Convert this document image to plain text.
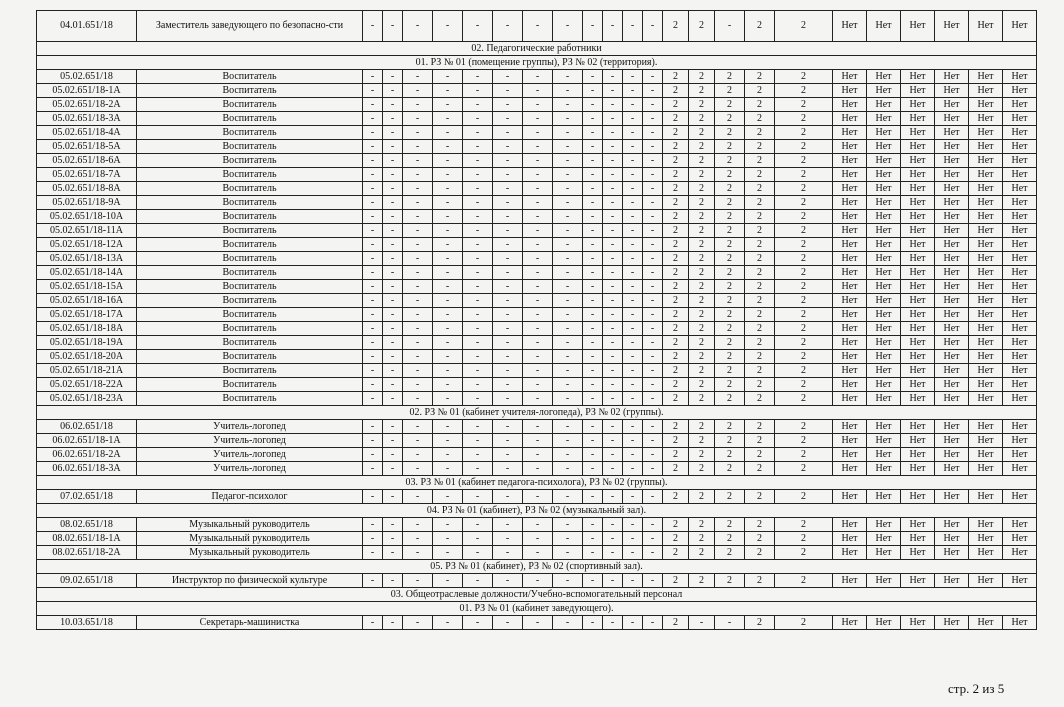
04.01.651/18	Заместитель заведующего по безопасно-сти	-	-	-	-	-	-	-	-	-	-	-	-	2	2	-	2	2	Нет	Нет	Нет	Нет	Нет	Нет
02. Педагогические работники																								
01. РЗ № 01 (помещение группы), РЗ № 02 (территория).																								
05.02.651/18	Воспитатель	-	-	-	-	-	-	-	-	-	-	-	-	2	2	2	2	2	Нет	Нет	Нет	Нет	Нет	Нет
05.02.651/18-1А	Воспитатель	-	-	-	-	-	-	-	-	-	-	-	-	2	2	2	2	2	Нет	Нет	Нет	Нет	Нет	Нет
05.02.651/18-2А	Воспитатель	-	-	-	-	-	-	-	-	-	-	-	-	2	2	2	2	2	Нет	Нет	Нет	Нет	Нет	Нет
05.02.651/18-3А	Воспитатель	-	-	-	-	-	-	-	-	-	-	-	-	2	2	2	2	2	Нет	Нет	Нет	Нет	Нет	Нет
05.02.651/18-4А	Воспитатель	-	-	-	-	-	-	-	-	-	-	-	-	2	2	2	2	2	Нет	Нет	Нет	Нет	Нет	Нет
05.02.651/18-5А	Воспитатель	-	-	-	-	-	-	-	-	-	-	-	-	2	2	2	2	2	Нет	Нет	Нет	Нет	Нет	Нет
05.02.651/18-6А	Воспитатель	-	-	-	-	-	-	-	-	-	-	-	-	2	2	2	2	2	Нет	Нет	Нет	Нет	Нет	Нет
05.02.651/18-7А	Воспитатель	-	-	-	-	-	-	-	-	-	-	-	-	2	2	2	2	2	Нет	Нет	Нет	Нет	Нет	Нет
05.02.651/18-8А	Воспитатель	-	-	-	-	-	-	-	-	-	-	-	-	2	2	2	2	2	Нет	Нет	Нет	Нет	Нет	Нет
05.02.651/18-9А	Воспитатель	-	-	-	-	-	-	-	-	-	-	-	-	2	2	2	2	2	Нет	Нет	Нет	Нет	Нет	Нет
05.02.651/18-10А	Воспитатель	-	-	-	-	-	-	-	-	-	-	-	-	2	2	2	2	2	Нет	Нет	Нет	Нет	Нет	Нет
05.02.651/18-11А	Воспитатель	-	-	-	-	-	-	-	-	-	-	-	-	2	2	2	2	2	Нет	Нет	Нет	Нет	Нет	Нет
05.02.651/18-12А	Воспитатель	-	-	-	-	-	-	-	-	-	-	-	-	2	2	2	2	2	Нет	Нет	Нет	Нет	Нет	Нет
05.02.651/18-13А	Воспитатель	-	-	-	-	-	-	-	-	-	-	-	-	2	2	2	2	2	Нет	Нет	Нет	Нет	Нет	Нет
05.02.651/18-14А	Воспитатель	-	-	-	-	-	-	-	-	-	-	-	-	2	2	2	2	2	Нет	Нет	Нет	Нет	Нет	Нет
05.02.651/18-15А	Воспитатель	-	-	-	-	-	-	-	-	-	-	-	-	2	2	2	2	2	Нет	Нет	Нет	Нет	Нет	Нет
05.02.651/18-16А	Воспитатель	-	-	-	-	-	-	-	-	-	-	-	-	2	2	2	2	2	Нет	Нет	Нет	Нет	Нет	Нет
05.02.651/18-17А	Воспитатель	-	-	-	-	-	-	-	-	-	-	-	-	2	2	2	2	2	Нет	Нет	Нет	Нет	Нет	Нет
05.02.651/18-18А	Воспитатель	-	-	-	-	-	-	-	-	-	-	-	-	2	2	2	2	2	Нет	Нет	Нет	Нет	Нет	Нет
05.02.651/18-19А	Воспитатель	-	-	-	-	-	-	-	-	-	-	-	-	2	2	2	2	2	Нет	Нет	Нет	Нет	Нет	Нет
05.02.651/18-20А	Воспитатель	-	-	-	-	-	-	-	-	-	-	-	-	2	2	2	2	2	Нет	Нет	Нет	Нет	Нет	Нет
05.02.651/18-21А	Воспитатель	-	-	-	-	-	-	-	-	-	-	-	-	2	2	2	2	2	Нет	Нет	Нет	Нет	Нет	Нет
05.02.651/18-22А	Воспитатель	-	-	-	-	-	-	-	-	-	-	-	-	2	2	2	2	2	Нет	Нет	Нет	Нет	Нет	Нет
05.02.651/18-23А	Воспитатель	-	-	-	-	-	-	-	-	-	-	-	-	2	2	2	2	2	Нет	Нет	Нет	Нет	Нет	Нет
02. РЗ № 01 (кабинет учителя-логопеда), РЗ № 02 (группы).																								
06.02.651/18	Учитель-логопед	-	-	-	-	-	-	-	-	-	-	-	-	2	2	2	2	2	Нет	Нет	Нет	Нет	Нет	Нет
06.02.651/18-1А	Учитель-логопед	-	-	-	-	-	-	-	-	-	-	-	-	2	2	2	2	2	Нет	Нет	Нет	Нет	Нет	Нет
06.02.651/18-2А	Учитель-логопед	-	-	-	-	-	-	-	-	-	-	-	-	2	2	2	2	2	Нет	Нет	Нет	Нет	Нет	Нет
06.02.651/18-3А	Учитель-логопед	-	-	-	-	-	-	-	-	-	-	-	-	2	2	2	2	2	Нет	Нет	Нет	Нет	Нет	Нет
03. РЗ № 01 (кабинет педагога-психолога), РЗ № 02 (группы).																								
07.02.651/18	Педагог-психолог	-	-	-	-	-	-	-	-	-	-	-	-	2	2	2	2	2	Нет	Нет	Нет	Нет	Нет	Нет
04. РЗ № 01 (кабинет), РЗ № 02 (музыкальный зал).																								
08.02.651/18	Музыкальный руководитель	-	-	-	-	-	-	-	-	-	-	-	-	2	2	2	2	2	Нет	Нет	Нет	Нет	Нет	Нет
08.02.651/18-1А	Музыкальный руководитель	-	-	-	-	-	-	-	-	-	-	-	-	2	2	2	2	2	Нет	Нет	Нет	Нет	Нет	Нет
08.02.651/18-2А	Музыкальный руководитель	-	-	-	-	-	-	-	-	-	-	-	-	2	2	2	2	2	Нет	Нет	Нет	Нет	Нет	Нет
05. РЗ № 01 (кабинет), РЗ № 02 (спортивный зал).																								
09.02.651/18	Инструктор по физической культуре	-	-	-	-	-	-	-	-	-	-	-	-	2	2	2	2	2	Нет	Нет	Нет	Нет	Нет	Нет
03. Общеотраслевые должности/Учебно-вспомогательный персонал																								
01. РЗ № 01 (кабинет заведующего).																								
10.03.651/18	Секретарь-машинистка	-	-	-	-	-	-	-	-	-	-	-	-	2	-	-	2	2	Нет	Нет	Нет	Нет	Нет	Нет
стр. 2 из 5
